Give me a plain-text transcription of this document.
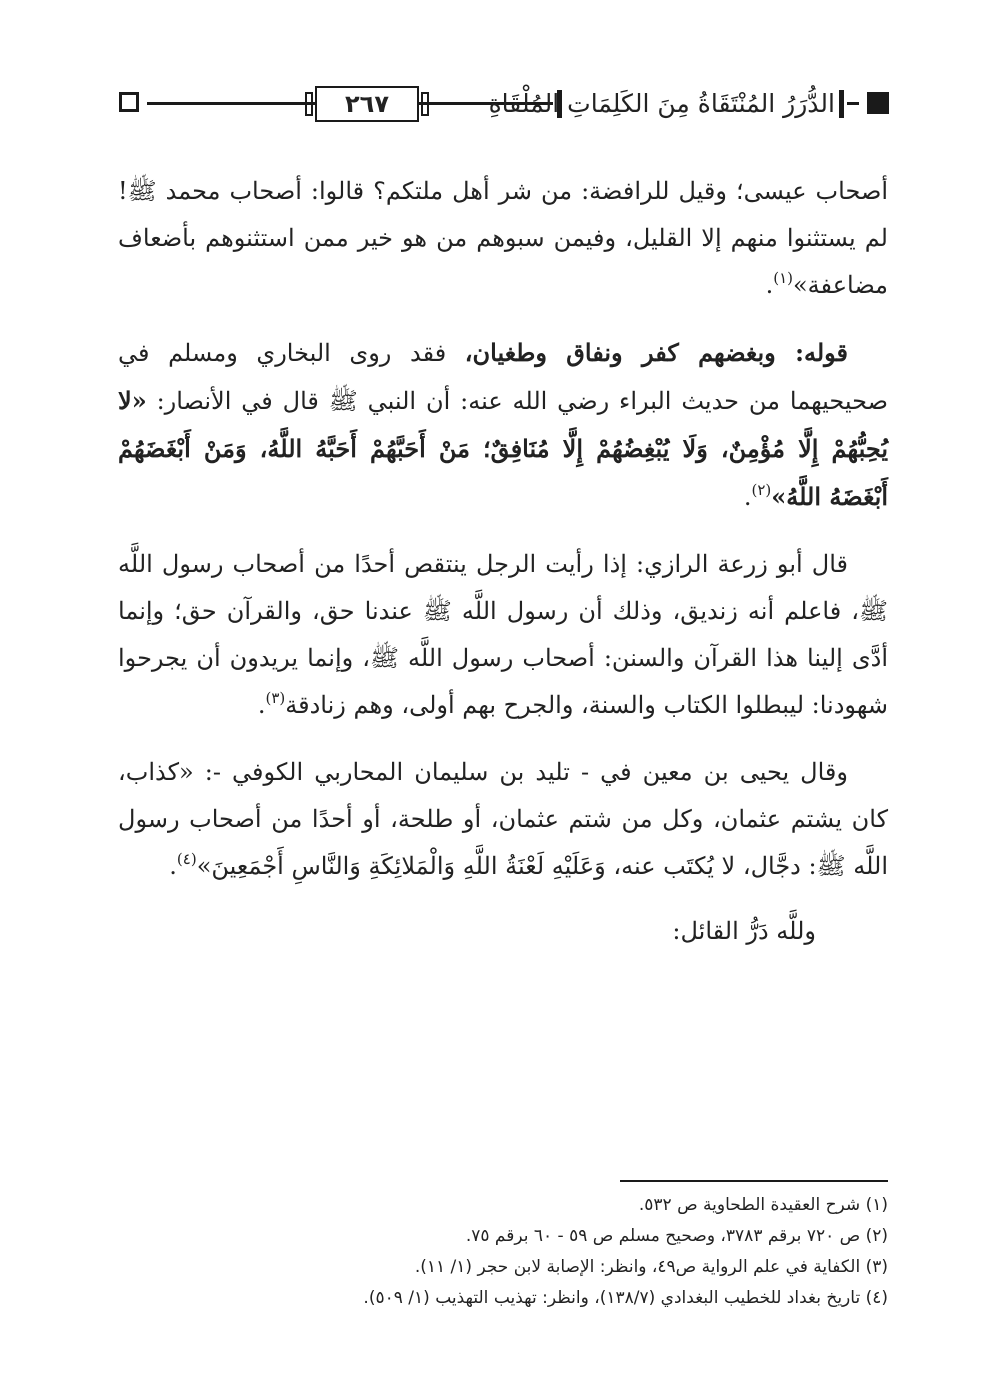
٢٦٧	الدُّرَرُ المُنْتَقَاةُ مِنَ الكَلِمَاتِ المُلْقَاةِ

أصحاب عيسى؛ وقيل للرافضة: من شر أهل ملتكم؟ قالوا: أصحاب محمد ﷺ! لم يستثنوا منهم إلا القليل، وفيمن سبوهم من هو خير ممن استثنوهم بأضعاف مضاعفة»$^{(١)}$.

قوله: وبغضهم كفر ونفاق وطغيان، فقد روى البخاري ومسلم في صحيحيهما من حديث البراء رضي الله عنه: أن النبي ﷺ قال في الأنصار: «لا يُحِبُّهُمْ إِلَّا مُؤْمِنٌ، وَلَا يُبْغِضُهُمْ إِلَّا مُنَافِقٌ؛ مَنْ أَحَبَّهُمْ أَحَبَّهُ اللَّهُ، وَمَنْ أَبْغَضَهُمْ أَبْغَضَهُ اللَّهُ»$^{(٢)}$.

قال أبو زرعة الرازي: إذا رأيت الرجل ينتقص أحدًا من أصحاب رسول اللَّه ﷺ، فاعلم أنه زنديق، وذلك أن رسول اللَّه ﷺ عندنا حق، والقرآن حق؛ وإنما أدَّى إلينا هذا القرآن والسنن: أصحاب رسول اللَّه ﷺ، وإنما يريدون أن يجرحوا شهودنا: ليبطلوا الكتاب والسنة، والجرح بهم أولى، وهم زنادقة$^{(٣)}$.

وقال يحيى بن معين في - تليد بن سليمان المحاربي الكوفي -: «كذاب، كان يشتم عثمان، وكل من شتم عثمان، أو طلحة، أو أحدًا من أصحاب رسول اللَّه ﷺ: دجَّال، لا يُكتَب عنه، وَعَلَيْهِ لَعْنَةُ اللَّهِ وَالْمَلائِكَةِ وَالنَّاسِ أَجْمَعِينَ»$^{(٤)}$.

وللَّه دَرُّ القائل:

(١) شرح العقيدة الطحاوية ص ٥٣٢.

(٢) ص ٧٢٠ برقم ٣٧٨٣، وصحيح مسلم ص ٥٩ - ٦٠ برقم ٧٥.

(٣) الكفاية في علم الرواية ص٤٩، وانظر: الإصابة لابن حجر (١/ ١١).

(٤) تاريخ بغداد للخطيب البغدادي (١٣٨/٧)، وانظر: تهذيب التهذيب (١/ ٥٠٩).
